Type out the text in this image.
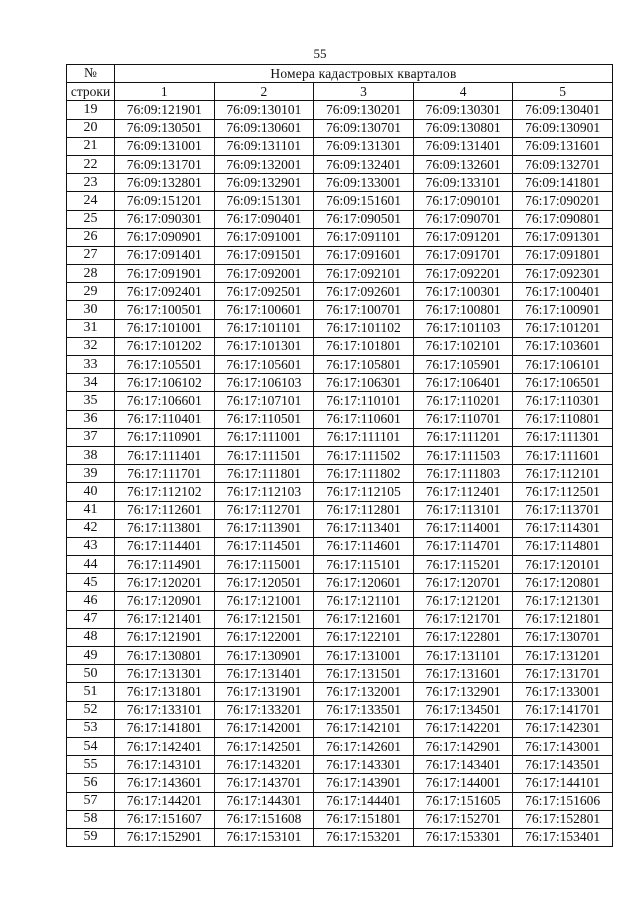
55
№	Номера кадастровых кварталов				
строки	1	2	3	4	5
19	76:09:121901	76:09:130101	76:09:130201	76:09:130301	76:09:130401
20	76:09:130501	76:09:130601	76:09:130701	76:09:130801	76:09:130901
21	76:09:131001	76:09:131101	76:09:131301	76:09:131401	76:09:131601
22	76:09:131701	76:09:132001	76:09:132401	76:09:132601	76:09:132701
23	76:09:132801	76:09:132901	76:09:133001	76:09:133101	76:09:141801
24	76:09:151201	76:09:151301	76:09:151601	76:17:090101	76:17:090201
25	76:17:090301	76:17:090401	76:17:090501	76:17:090701	76:17:090801
26	76:17:090901	76:17:091001	76:17:091101	76:17:091201	76:17:091301
27	76:17:091401	76:17:091501	76:17:091601	76:17:091701	76:17:091801
28	76:17:091901	76:17:092001	76:17:092101	76:17:092201	76:17:092301
29	76:17:092401	76:17:092501	76:17:092601	76:17:100301	76:17:100401
30	76:17:100501	76:17:100601	76:17:100701	76:17:100801	76:17:100901
31	76:17:101001	76:17:101101	76:17:101102	76:17:101103	76:17:101201
32	76:17:101202	76:17:101301	76:17:101801	76:17:102101	76:17:103601
33	76:17:105501	76:17:105601	76:17:105801	76:17:105901	76:17:106101
34	76:17:106102	76:17:106103	76:17:106301	76:17:106401	76:17:106501
35	76:17:106601	76:17:107101	76:17:110101	76:17:110201	76:17:110301
36	76:17:110401	76:17:110501	76:17:110601	76:17:110701	76:17:110801
37	76:17:110901	76:17:111001	76:17:111101	76:17:111201	76:17:111301
38	76:17:111401	76:17:111501	76:17:111502	76:17:111503	76:17:111601
39	76:17:111701	76:17:111801	76:17:111802	76:17:111803	76:17:112101
40	76:17:112102	76:17:112103	76:17:112105	76:17:112401	76:17:112501
41	76:17:112601	76:17:112701	76:17:112801	76:17:113101	76:17:113701
42	76:17:113801	76:17:113901	76:17:113401	76:17:114001	76:17:114301
43	76:17:114401	76:17:114501	76:17:114601	76:17:114701	76:17:114801
44	76:17:114901	76:17:115001	76:17:115101	76:17:115201	76:17:120101
45	76:17:120201	76:17:120501	76:17:120601	76:17:120701	76:17:120801
46	76:17:120901	76:17:121001	76:17:121101	76:17:121201	76:17:121301
47	76:17:121401	76:17:121501	76:17:121601	76:17:121701	76:17:121801
48	76:17:121901	76:17:122001	76:17:122101	76:17:122801	76:17:130701
49	76:17:130801	76:17:130901	76:17:131001	76:17:131101	76:17:131201
50	76:17:131301	76:17:131401	76:17:131501	76:17:131601	76:17:131701
51	76:17:131801	76:17:131901	76:17:132001	76:17:132901	76:17:133001
52	76:17:133101	76:17:133201	76:17:133501	76:17:134501	76:17:141701
53	76:17:141801	76:17:142001	76:17:142101	76:17:142201	76:17:142301
54	76:17:142401	76:17:142501	76:17:142601	76:17:142901	76:17:143001
55	76:17:143101	76:17:143201	76:17:143301	76:17:143401	76:17:143501
56	76:17:143601	76:17:143701	76:17:143901	76:17:144001	76:17:144101
57	76:17:144201	76:17:144301	76:17:144401	76:17:151605	76:17:151606
58	76:17:151607	76:17:151608	76:17:151801	76:17:152701	76:17:152801
59	76:17:152901	76:17:153101	76:17:153201	76:17:153301	76:17:153401
